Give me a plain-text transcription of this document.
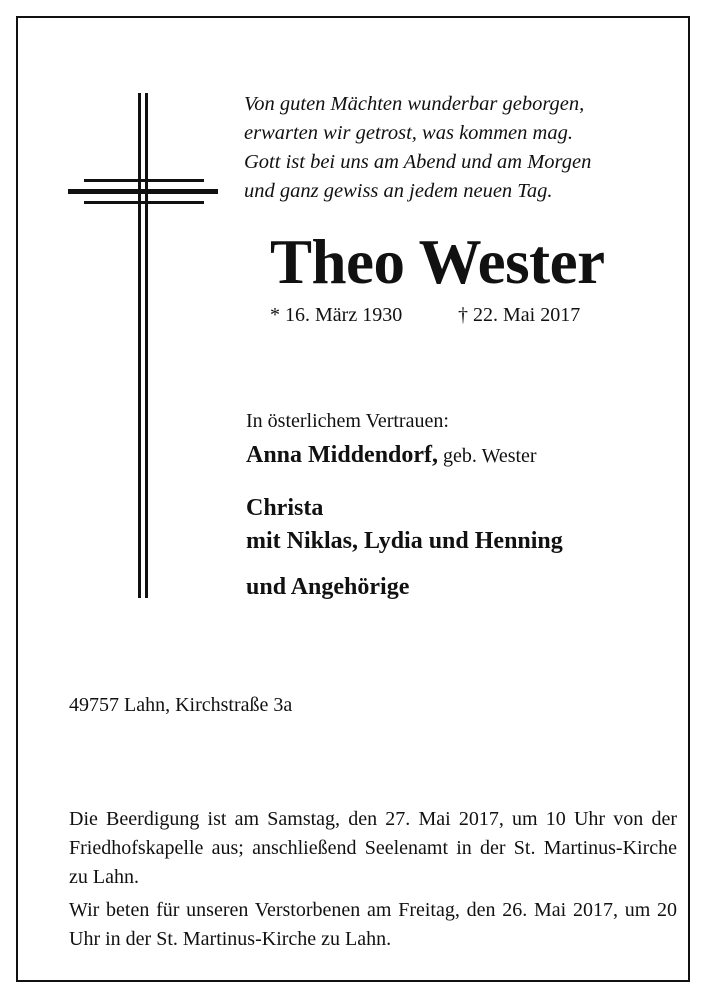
Von guten Mächten wunderbar geborgen,
erwarten wir getrost, was kommen mag.
Gott ist bei uns am Abend und am Morgen
und ganz gewiss an jedem neuen Tag.
Theo Wester
* 16. März 1930	† 22. Mai 2017
In österlichem Vertrauen:
Anna Middendorf, geb. Wester
Christa
mit Niklas, Lydia und Henning
und Angehörige
49757 Lahn, Kirchstraße 3a

Die Beerdigung ist am Samstag, den 27. Mai 2017, um 10 Uhr von der Friedhofskapelle aus; anschließend Seelenamt in der St. Martinus-Kirche zu Lahn.

Wir beten für unseren Verstorbenen am Freitag, den 26. Mai 2017, um 20 Uhr in der St. Martinus-Kirche zu Lahn.
